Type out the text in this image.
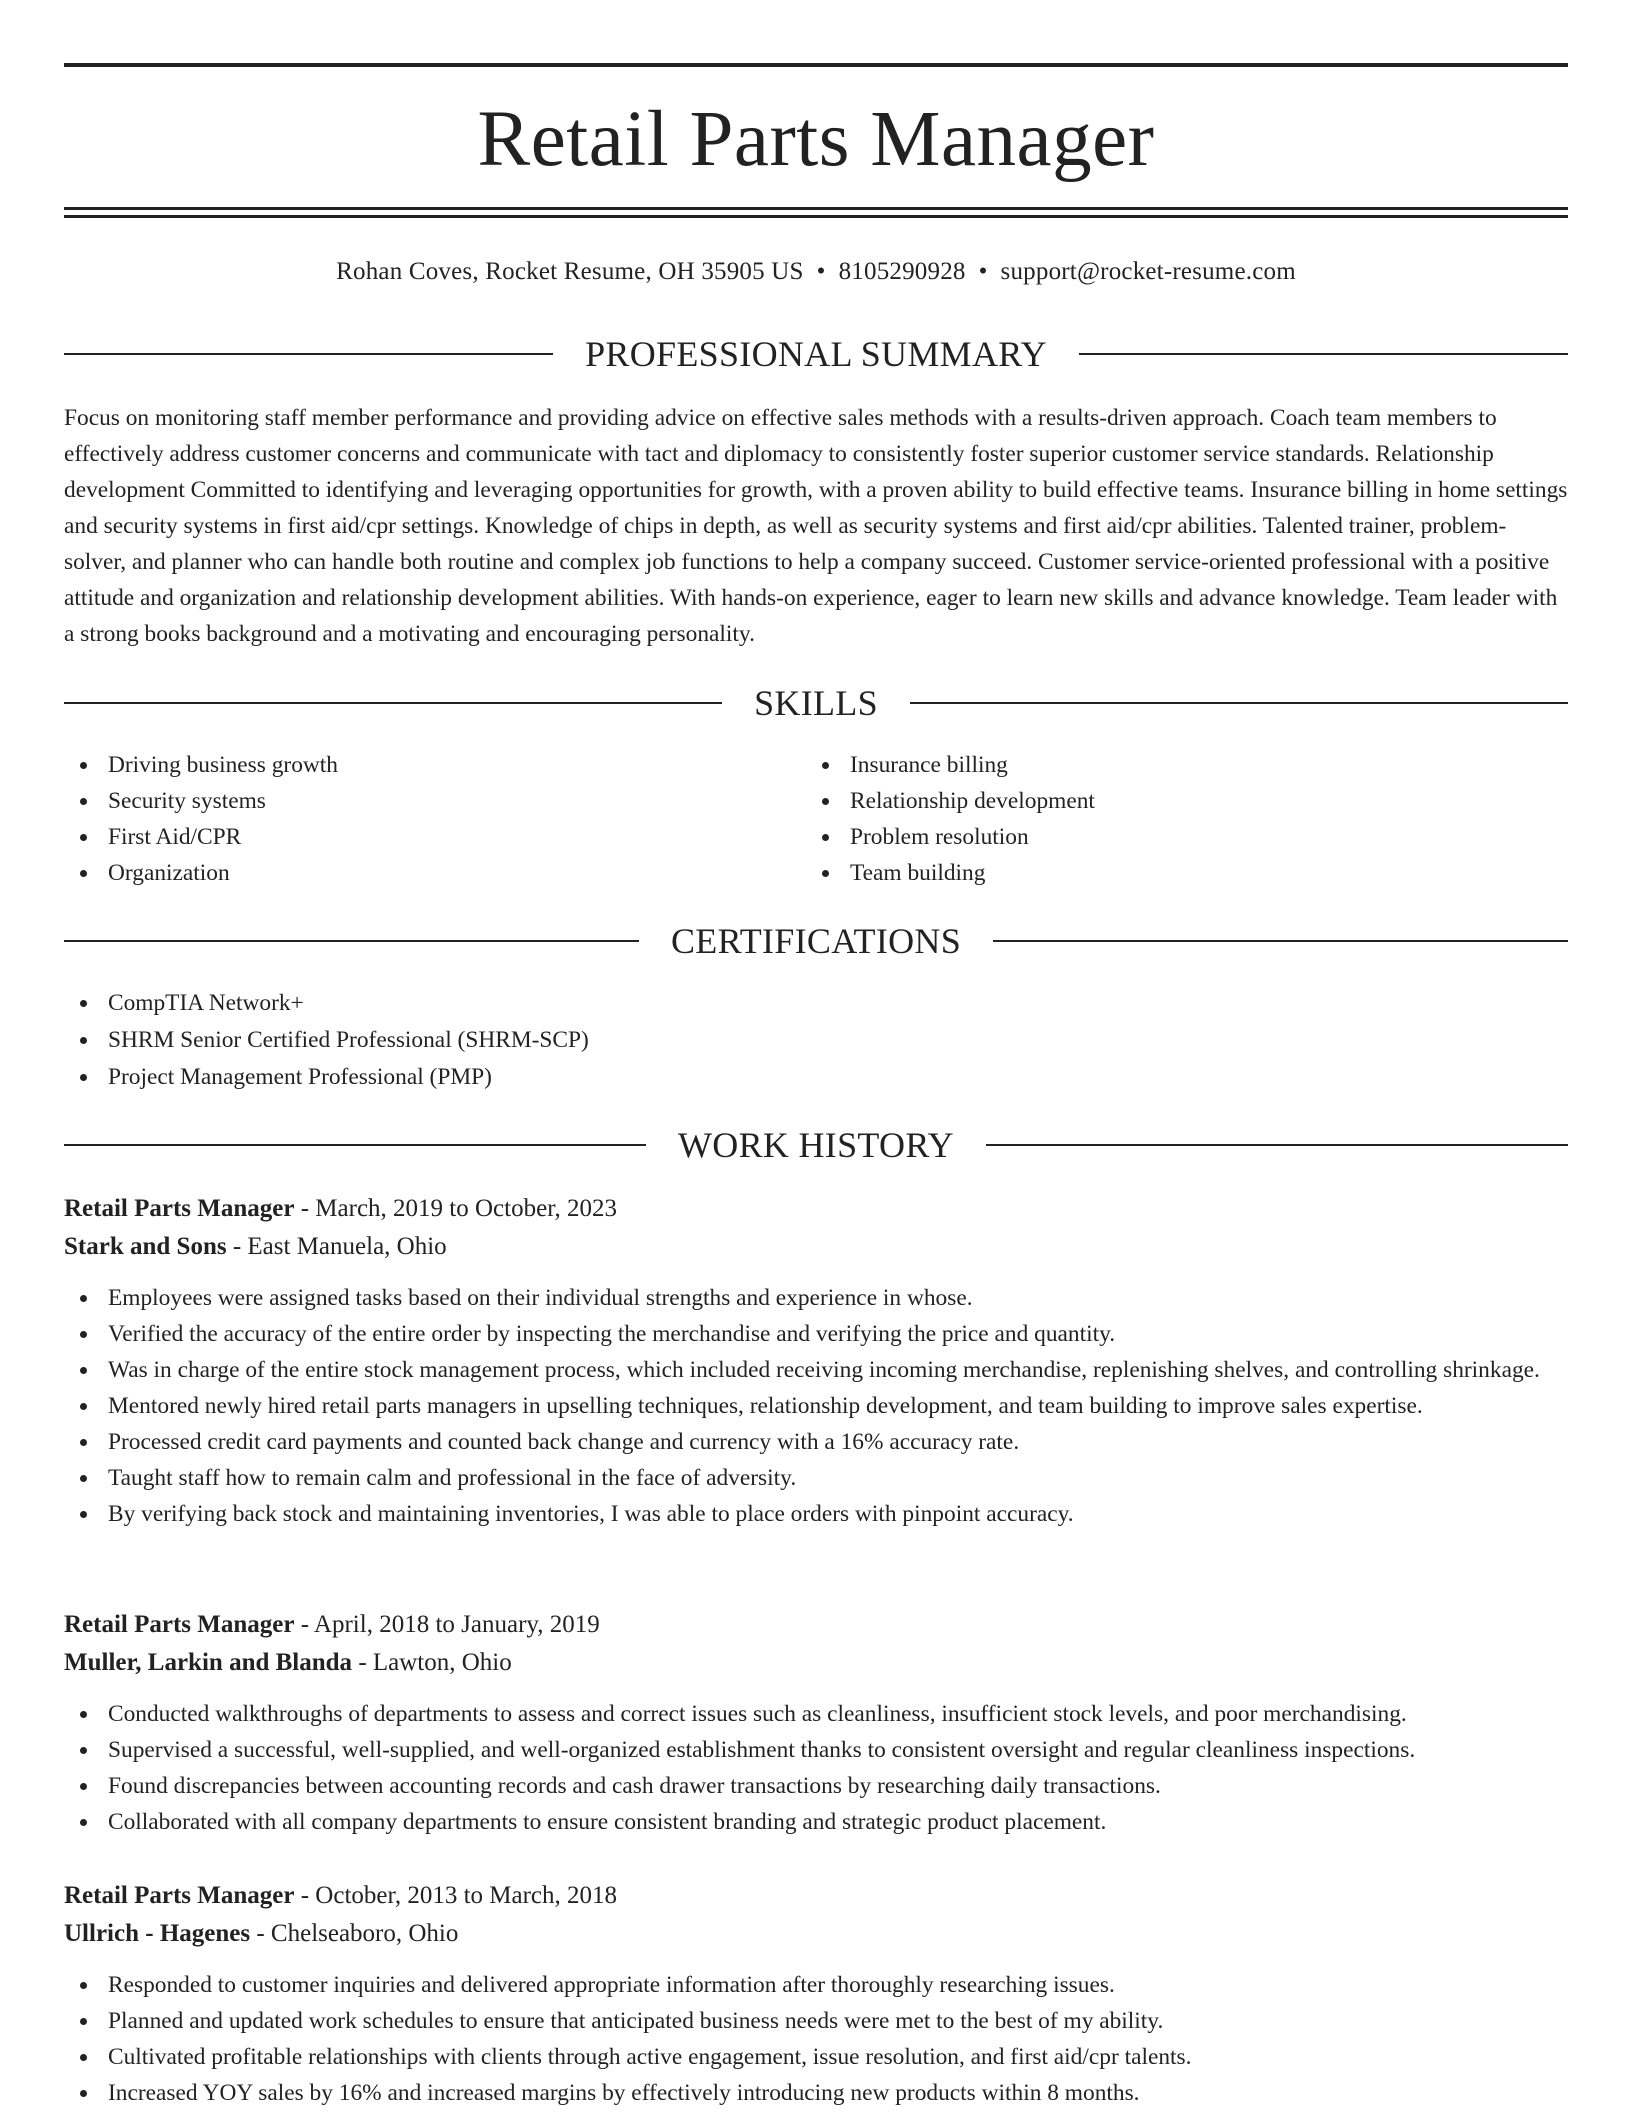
Retail Parts Manager
Rohan Coves, Rocket Resume, OH 35905 US • 8105290928 • support@rocket-resume.com
PROFESSIONAL SUMMARY

Focus on monitoring staff member performance and providing advice on effective sales methods with a results-driven approach. Coach team members to effectively address customer concerns and communicate with tact and diplomacy to consistently foster superior customer service standards. Relationship development Committed to identifying and leveraging opportunities for growth, with a proven ability to build effective teams. Insurance billing in home settings and security systems in first aid/cpr settings. Knowledge of chips in depth, as well as security systems and first aid/cpr abilities. Talented trainer, problem-solver, and planner who can handle both routine and complex job functions to help a company succeed. Customer service-oriented professional with a positive attitude and organization and relationship development abilities. With hands-on experience, eager to learn new skills and advance knowledge. Team leader with a strong books background and a motivating and encouraging personality.

SKILLS
Driving business growth
Security systems
First Aid/CPR
Organization
Insurance billing
Relationship development
Problem resolution
Team building
CERTIFICATIONS
CompTIA Network+
SHRM Senior Certified Professional (SHRM-SCP)
Project Management Professional (PMP)
WORK HISTORY
Retail Parts Manager - March, 2019 to October, 2023
Stark and Sons - East Manuela, Ohio
Employees were assigned tasks based on their individual strengths and experience in whose.
Verified the accuracy of the entire order by inspecting the merchandise and verifying the price and quantity.
Was in charge of the entire stock management process, which included receiving incoming merchandise, replenishing shelves, and controlling shrinkage.
Mentored newly hired retail parts managers in upselling techniques, relationship development, and team building to improve sales expertise.
Processed credit card payments and counted back change and currency with a 16% accuracy rate.
Taught staff how to remain calm and professional in the face of adversity.
By verifying back stock and maintaining inventories, I was able to place orders with pinpoint accuracy.
Retail Parts Manager - April, 2018 to January, 2019
Muller, Larkin and Blanda - Lawton, Ohio
Conducted walkthroughs of departments to assess and correct issues such as cleanliness, insufficient stock levels, and poor merchandising.
Supervised a successful, well-supplied, and well-organized establishment thanks to consistent oversight and regular cleanliness inspections.
Found discrepancies between accounting records and cash drawer transactions by researching daily transactions.
Collaborated with all company departments to ensure consistent branding and strategic product placement.
Retail Parts Manager - October, 2013 to March, 2018
Ullrich - Hagenes - Chelseaboro, Ohio
Responded to customer inquiries and delivered appropriate information after thoroughly researching issues.
Planned and updated work schedules to ensure that anticipated business needs were met to the best of my ability.
Cultivated profitable relationships with clients through active engagement, issue resolution, and first aid/cpr talents.
Increased YOY sales by 16% and increased margins by effectively introducing new products within 8 months.
